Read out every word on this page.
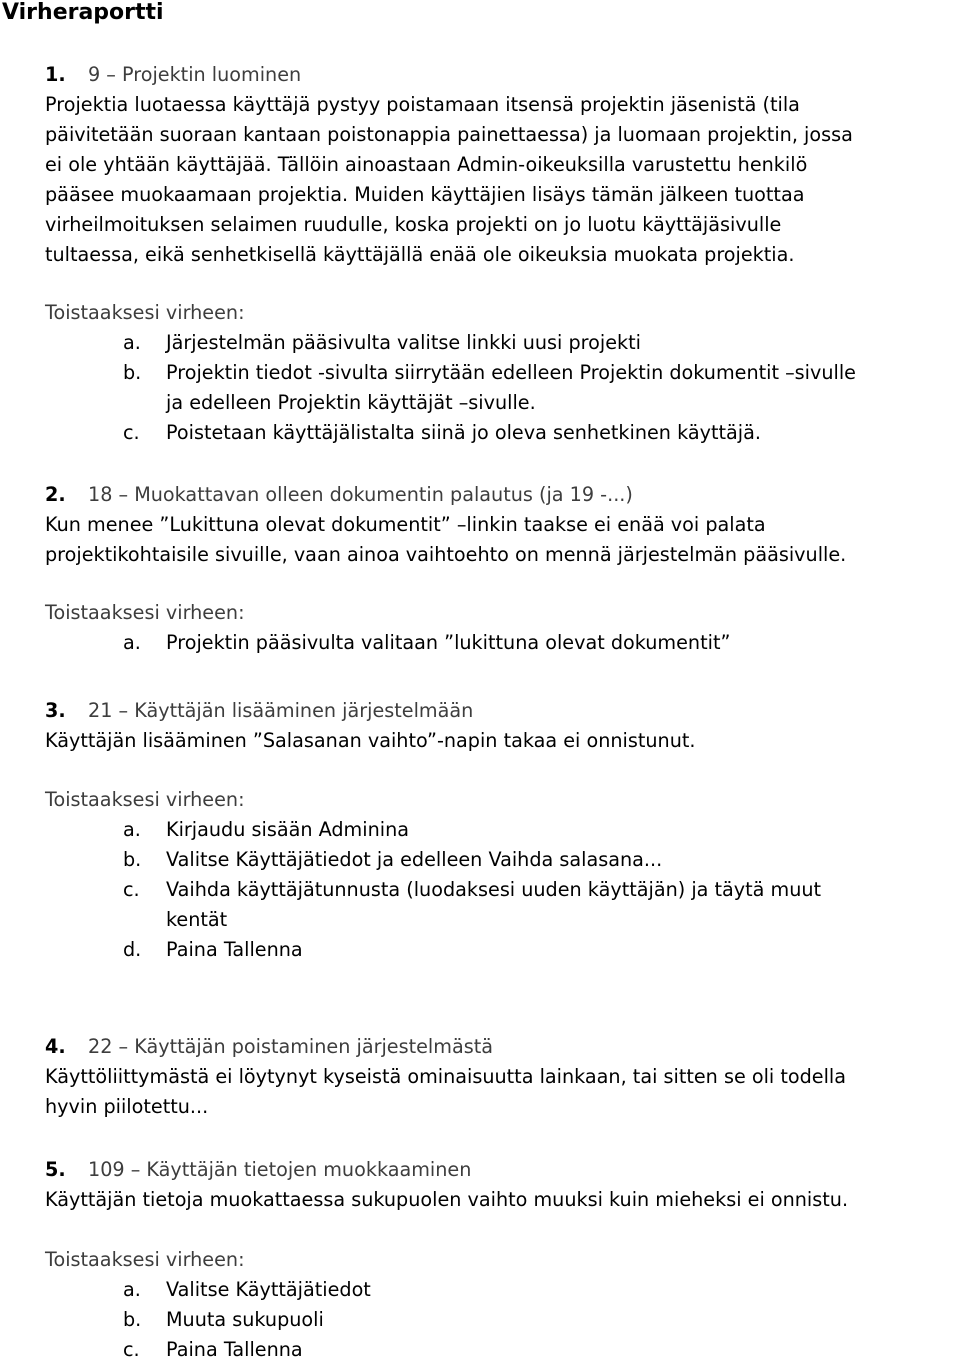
Virheraportti
1. 9 – Projektin luominen
Projektia luotaessa käyttäjä pystyy poistamaan itsensä projektin jäsenistä (tila
päivitetään suoraan kantaan poistonappia painettaessa) ja luomaan projektin, jossa
ei ole yhtään käyttäjää. Tällöin ainoastaan Admin-oikeuksilla varustettu henkilö
pääsee muokaamaan projektia. Muiden käyttäjien lisäys tämän jälkeen tuottaa
virheilmoituksen selaimen ruudulle, koska projekti on jo luotu käyttäjäsivulle
tultaessa, eikä senhetkisellä käyttäjällä enää ole oikeuksia muokata projektia.
Toistaaksesi virheen:
a. Järjestelmän pääsivulta valitse linkki uusi projekti
b. Projektin tiedot -sivulta siirrytään edelleen Projektin dokumentit –sivulle
ja edelleen Projektin käyttäjät –sivulle.
c. Poistetaan käyttäjälistalta siinä jo oleva senhetkinen käyttäjä.
2. 18 – Muokattavan olleen dokumentin palautus (ja 19 -...)
Kun menee ”Lukittuna olevat dokumentit” –linkin taakse ei enää voi palata
projektikohtaisile sivuille, vaan ainoa vaihtoehto on mennä järjestelmän pääsivulle.
Toistaaksesi virheen:
a. Projektin pääsivulta valitaan ”lukittuna olevat dokumentit”
3. 21 – Käyttäjän lisääminen järjestelmään
Käyttäjän lisääminen ”Salasanan vaihto”-napin takaa ei onnistunut.
Toistaaksesi virheen:
a. Kirjaudu sisään Adminina
b. Valitse Käyttäjätiedot ja edelleen Vaihda salasana...
c. Vaihda käyttäjätunnusta (luodaksesi uuden käyttäjän) ja täytä muut
kentät
d. Paina Tallenna
4. 22 – Käyttäjän poistaminen järjestelmästä
Käyttöliittymästä ei löytynyt kyseistä ominaisuutta lainkaan, tai sitten se oli todella
hyvin piilotettu...
5. 109 – Käyttäjän tietojen muokkaaminen
Käyttäjän tietoja muokattaessa sukupuolen vaihto muuksi kuin mieheksi ei onnistu.
Toistaaksesi virheen:
a. Valitse Käyttäjätiedot
b. Muuta sukupuoli
c. Paina Tallenna
